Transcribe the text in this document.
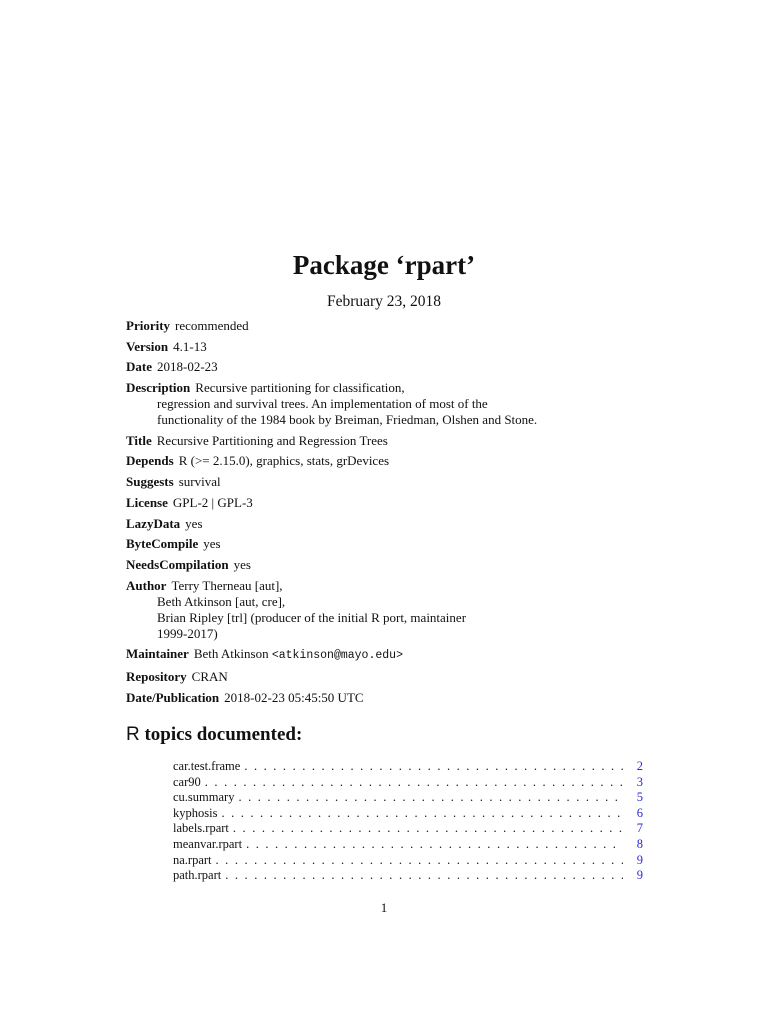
Package ‘rpart’
February 23, 2018
Priority recommended
Version 4.1-13
Date 2018-02-23
Description Recursive partitioning for classification,
regression and survival trees. An implementation of most of the
functionality of the 1984 book by Breiman, Friedman, Olshen and Stone.
Title Recursive Partitioning and Regression Trees
Depends R (>= 2.15.0), graphics, stats, grDevices
Suggests survival
License GPL-2 | GPL-3
LazyData yes
ByteCompile yes
NeedsCompilation yes
Author Terry Therneau [aut],
Beth Atkinson [aut, cre],
Brian Ripley [trl] (producer of the initial R port, maintainer
1999-2017)
Maintainer Beth Atkinson <atkinson@mayo.edu>
Repository CRAN
Date/Publication 2018-02-23 05:45:50 UTC
R topics documented:
car.test.frame . . .	2
car90 . . .	3
cu.summary . . .	5
kyphosis . . .	6
labels.rpart . . .	7
meanvar.rpart . . .	8
na.rpart . . .	9
path.rpart . . .	9
1
